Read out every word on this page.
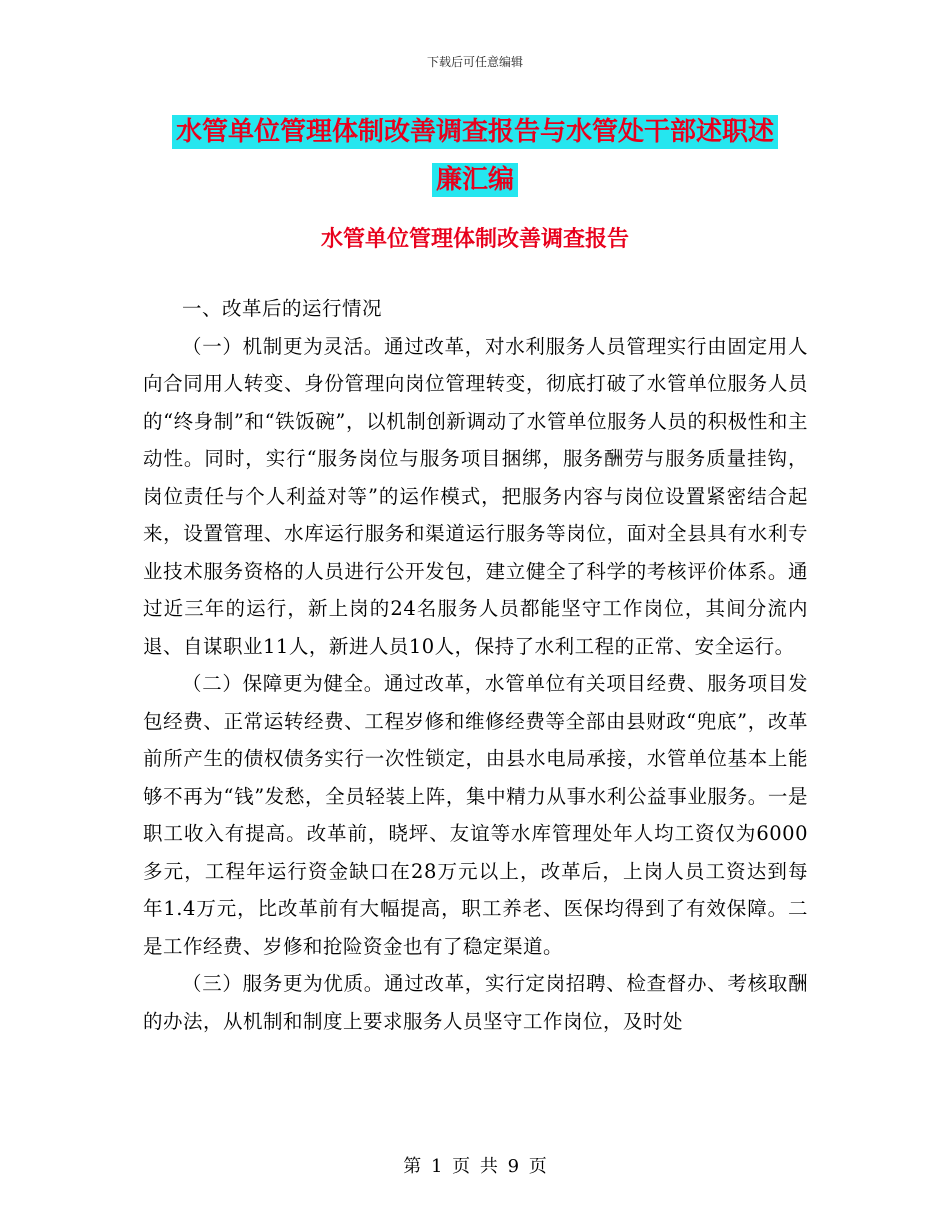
下载后可任意编辑
水管单位管理体制改善调查报告与水管处干部述职述
廉汇编
水管单位管理体制改善调查报告

一、改革后的运行情况

（一）机制更为灵活。通过改革，对水利服务人员管理实行由固定用人向合同用人转变、身份管理向岗位管理转变，彻底打破了水管单位服务人员的“终身制”和“铁饭碗”，以机制创新调动了水管单位服务人员的积极性和主动性。同时，实行“服务岗位与服务项目捆绑，服务酬劳与服务质量挂钩，岗位责任与个人利益对等”的运作模式，把服务内容与岗位设置紧密结合起来，设置管理、水库运行服务和渠道运行服务等岗位，面对全县具有水利专业技术服务资格的人员进行公开发包，建立健全了科学的考核评价体系。通过近三年的运行，新上岗的24名服务人员都能坚守工作岗位，其间分流内退、自谋职业11人，新进人员10人，保持了水利工程的正常、安全运行。

（二）保障更为健全。通过改革，水管单位有关项目经费、服务项目发包经费、正常运转经费、工程岁修和维修经费等全部由县财政“兜底”，改革前所产生的债权债务实行一次性锁定，由县水电局承接，水管单位基本上能够不再为“钱”发愁，全员轻装上阵，集中精力从事水利公益事业服务。一是职工收入有提高。改革前，晓坪、友谊等水库管理处年人均工资仅为6000多元，工程年运行资金缺口在28万元以上，改革后，上岗人员工资达到每年1.4万元，比改革前有大幅提高，职工养老、医保均得到了有效保障。二是工作经费、岁修和抢险资金也有了稳定渠道。

（三）服务更为优质。通过改革，实行定岗招聘、检查督办、考核取酬的办法，从机制和制度上要求服务人员坚守工作岗位，及时处

第 1 页 共 9 页
